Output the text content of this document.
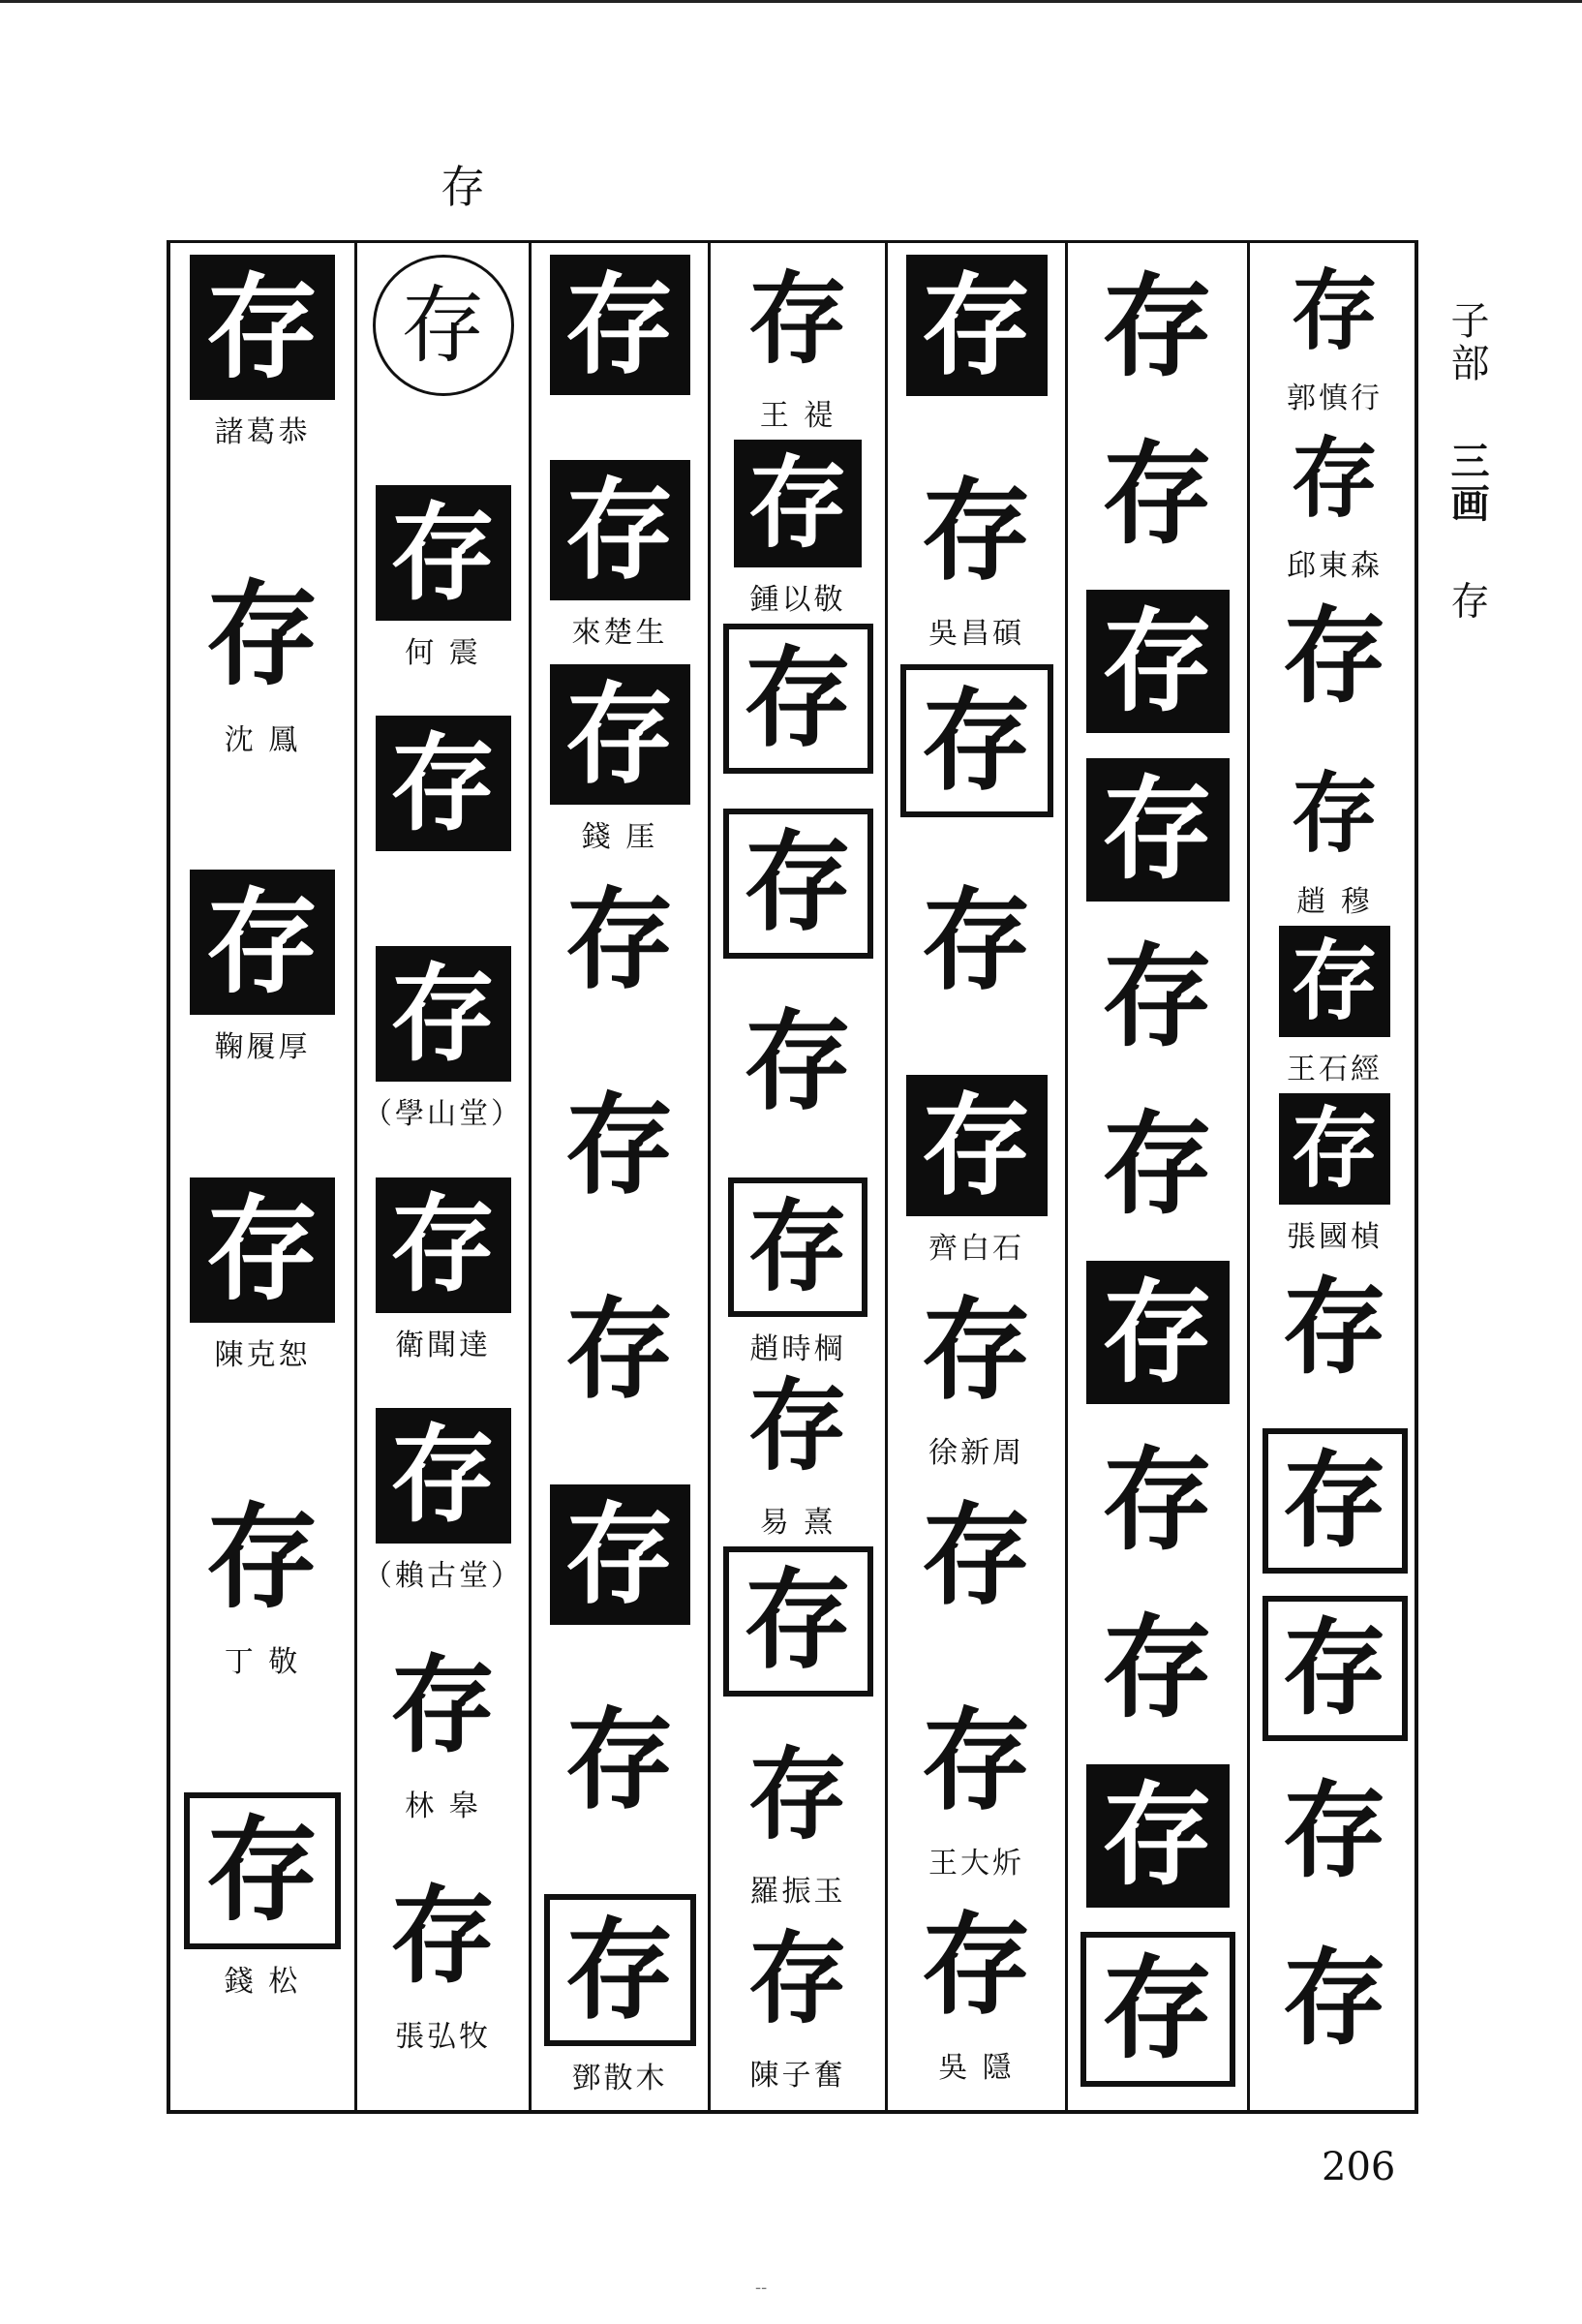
存
子部 三画 存
存
諸葛恭
存
沈 鳳
存
鞠履厚
存
陳克恕
存
丁 敬
存
錢 松
存
存
何 震
存
存
（學山堂）
存
衛聞達
存
（賴古堂）
存
林 皋
存
張弘牧
存
存
來楚生
存
錢 厓
存
存
存
存
存
存
鄧散木
存
王 禔
存
鍾以敬
存
存
存
存
趙時棡
存
易 熹
存
存
羅振玉
存
陳子奮
存
存
吳昌碩
存
存
存
齊白石
存
徐新周
存
存
王大炘
存
吳 隱
存
存
存
存
存
存
存
存
存
存
存
存
郭慎行
存
邱東森
存
存
趙 穆
存
王石經
存
張國楨
存
存
存
存
存
206
--
